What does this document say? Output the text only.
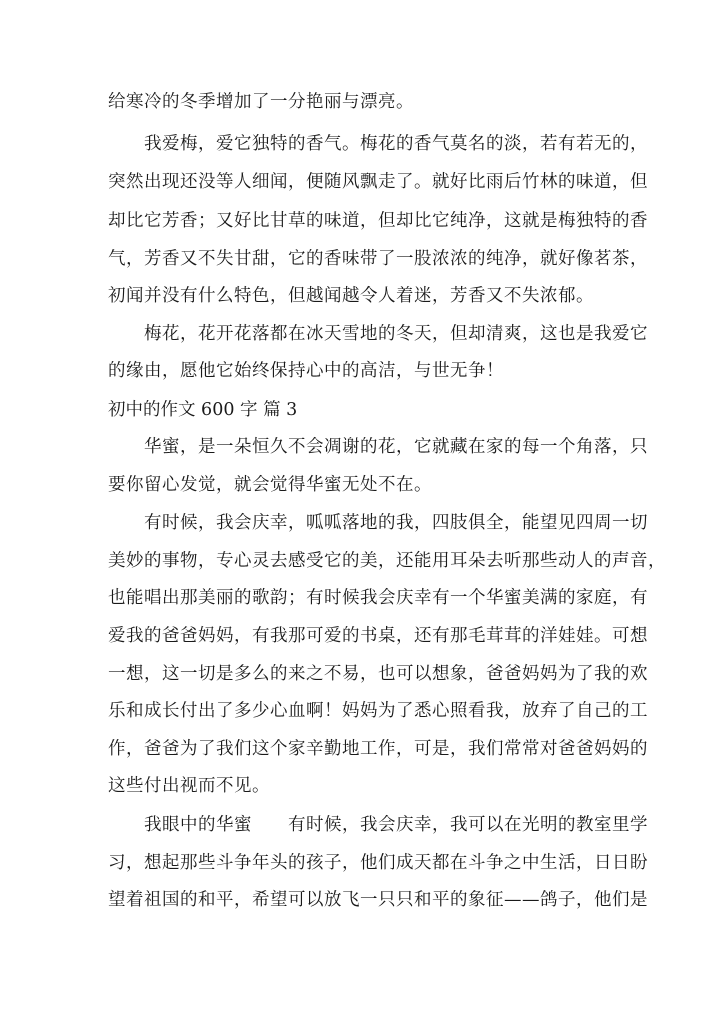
给寒冷的冬季增加了一分艳丽与漂亮。
我爱梅，爱它独特的香气。梅花的香气莫名的淡，若有若无的，
突然出现还没等人细闻，便随风飘走了。就好比雨后竹林的味道，但
却比它芳香；又好比甘草的味道，但却比它纯净，这就是梅独特的香
气，芳香又不失甘甜，它的香味带了一股浓浓的纯净，就好像茗茶，
初闻并没有什么特色，但越闻越令人着迷，芳香又不失浓郁。
梅花，花开花落都在冰天雪地的冬天，但却清爽，这也是我爱它
的缘由，愿他它始终保持心中的高洁，与世无争！
初中的作文 600 字 篇 3
华蜜，是一朵恒久不会凋谢的花，它就藏在家的每一个角落，只
要你留心发觉，就会觉得华蜜无处不在。
有时候，我会庆幸，呱呱落地的我，四肢俱全，能望见四周一切
美妙的事物，专心灵去感受它的美，还能用耳朵去听那些动人的声音，
也能唱出那美丽的歌韵；有时候我会庆幸有一个华蜜美满的家庭，有
爱我的爸爸妈妈，有我那可爱的书桌，还有那毛茸茸的洋娃娃。可想
一想，这一切是多么的来之不易，也可以想象，爸爸妈妈为了我的欢
乐和成长付出了多少心血啊！妈妈为了悉心照看我，放弃了自己的工
作，爸爸为了我们这个家辛勤地工作，可是，我们常常对爸爸妈妈的
这些付出视而不见。
我眼中的华蜜　　有时候，我会庆幸，我可以在光明的教室里学
习，想起那些斗争年头的孩子，他们成天都在斗争之中生活，日日盼
望着祖国的和平，希望可以放飞一只只和平的象征——鸽子，他们是
